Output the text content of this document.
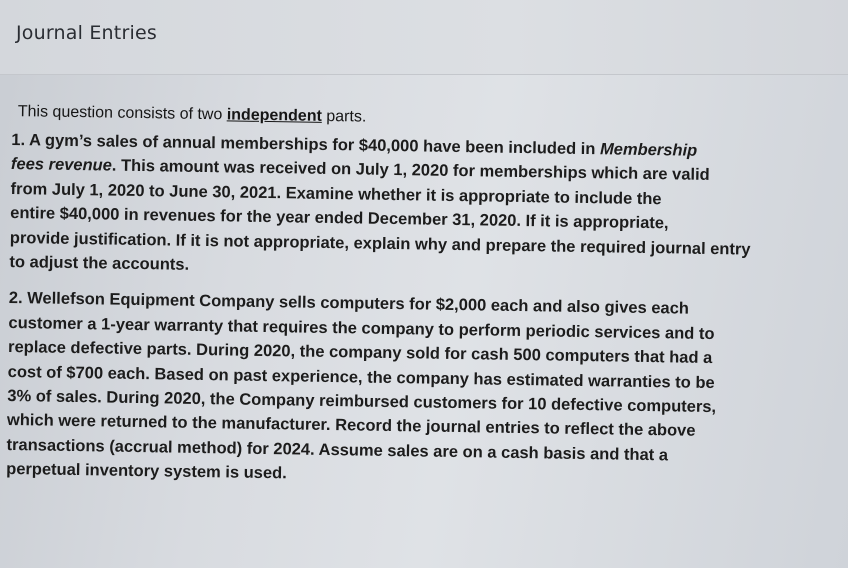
Journal Entries

This question consists of two independent parts.

1. A gym’s sales of annual memberships for $40,000 have been included in Membership
fees revenue. This amount was received on July 1, 2020 for memberships which are valid
from July 1, 2020 to June 30, 2021. Examine whether it is appropriate to include the
entire $40,000 in revenues for the year ended December 31, 2020. If it is appropriate,
provide justification. If it is not appropriate, explain why and prepare the required journal entry
to adjust the accounts.

2. Wellefson Equipment Company sells computers for $2,000 each and also gives each
customer a 1-year warranty that requires the company to perform periodic services and to
replace defective parts. During 2020, the company sold for cash 500 computers that had a
cost of $700 each. Based on past experience, the company has estimated warranties to be
3% of sales. During 2020, the Company reimbursed customers for 10 defective computers,
which were returned to the manufacturer. Record the journal entries to reflect the above
transactions (accrual method) for 2024. Assume sales are on a cash basis and that a
perpetual inventory system is used.
